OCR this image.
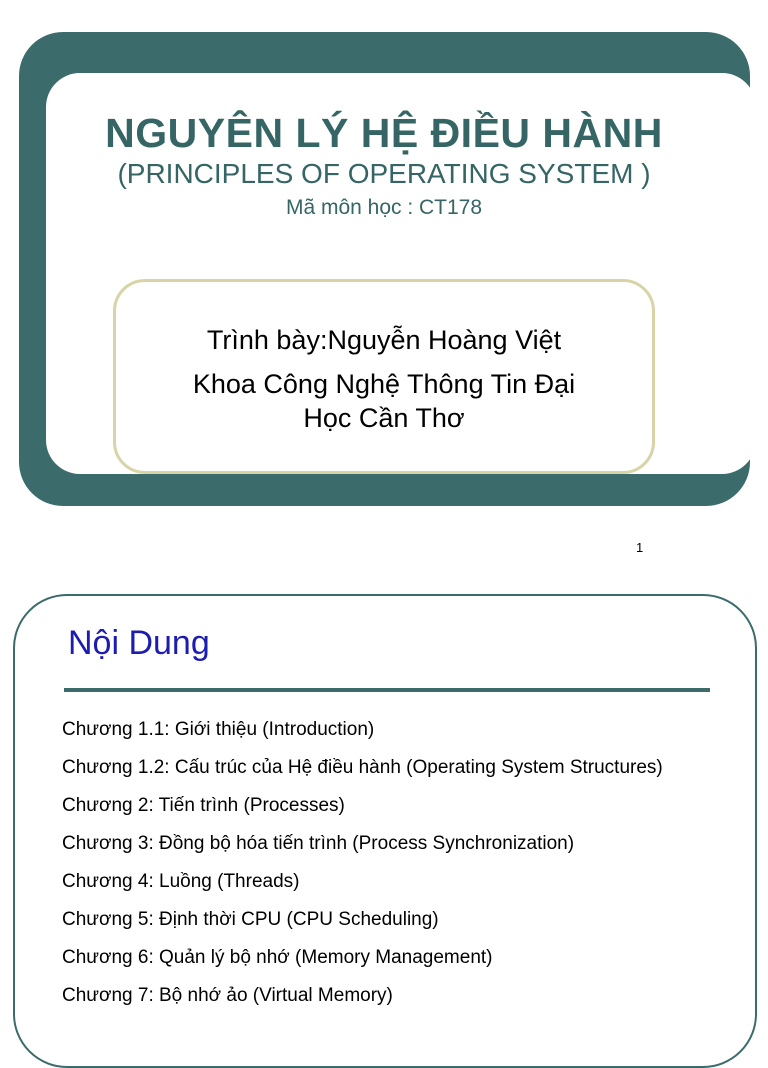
NGUYÊN LÝ HỆ ĐIỀU HÀNH
(PRINCIPLES OF OPERATING SYSTEM )
Mã môn học : CT178
Trình bày:Nguyễn Hoàng Việt
Khoa Công Nghệ Thông Tin Đại
Học Cần Thơ
1
Nội Dung
Chương 1.1: Giới thiệu (Introduction)
Chương 1.2: Cấu trúc của Hệ điều hành (Operating System Structures)
Chương 2: Tiến trình (Processes)
Chương 3: Đồng bộ hóa tiến trình (Process Synchronization)
Chương 4: Luồng (Threads)
Chương 5: Định thời CPU (CPU Scheduling)
Chương 6: Quản lý bộ nhớ (Memory Management)
Chương 7: Bộ nhớ ảo (Virtual Memory)
